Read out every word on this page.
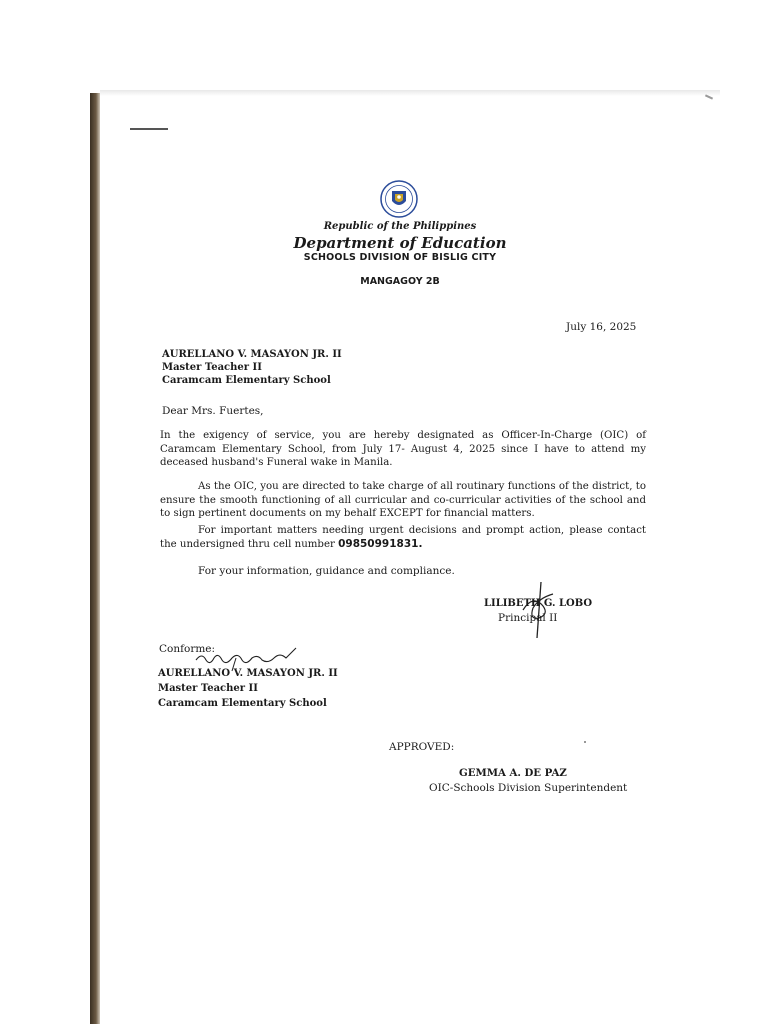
Republic of the Philippines
Department of Education
SCHOOLS DIVISION OF BISLIG CITY
MANGAGOY 2B
July 16, 2025
AURELLANO V. MASAYON JR. II
Master Teacher II
Caramcam Elementary School
Dear Mrs. Fuertes,
In the exigency of service, you are hereby designated as Officer-In-Charge (OIC) of Caramcam Elementary School, from July 17- August 4, 2025 since I have to attend my deceased husband's Funeral wake in Manila.
As the OIC, you are directed to take charge of all routinary functions of the district, to ensure the smooth functioning of all curricular and co-curricular activities of the school and to sign pertinent documents on my behalf EXCEPT for financial matters.
For important matters needing urgent decisions and prompt action, please contact the undersigned thru cell number 09850991831.
For your information, guidance and compliance.
LILIBETH G. LOBO
Principal II
Conforme:
AURELLANO V. MASAYON JR. II
Master Teacher II
Caramcam Elementary School
APPROVED:
GEMMA A. DE PAZ
OIC-Schools Division Superintendent
